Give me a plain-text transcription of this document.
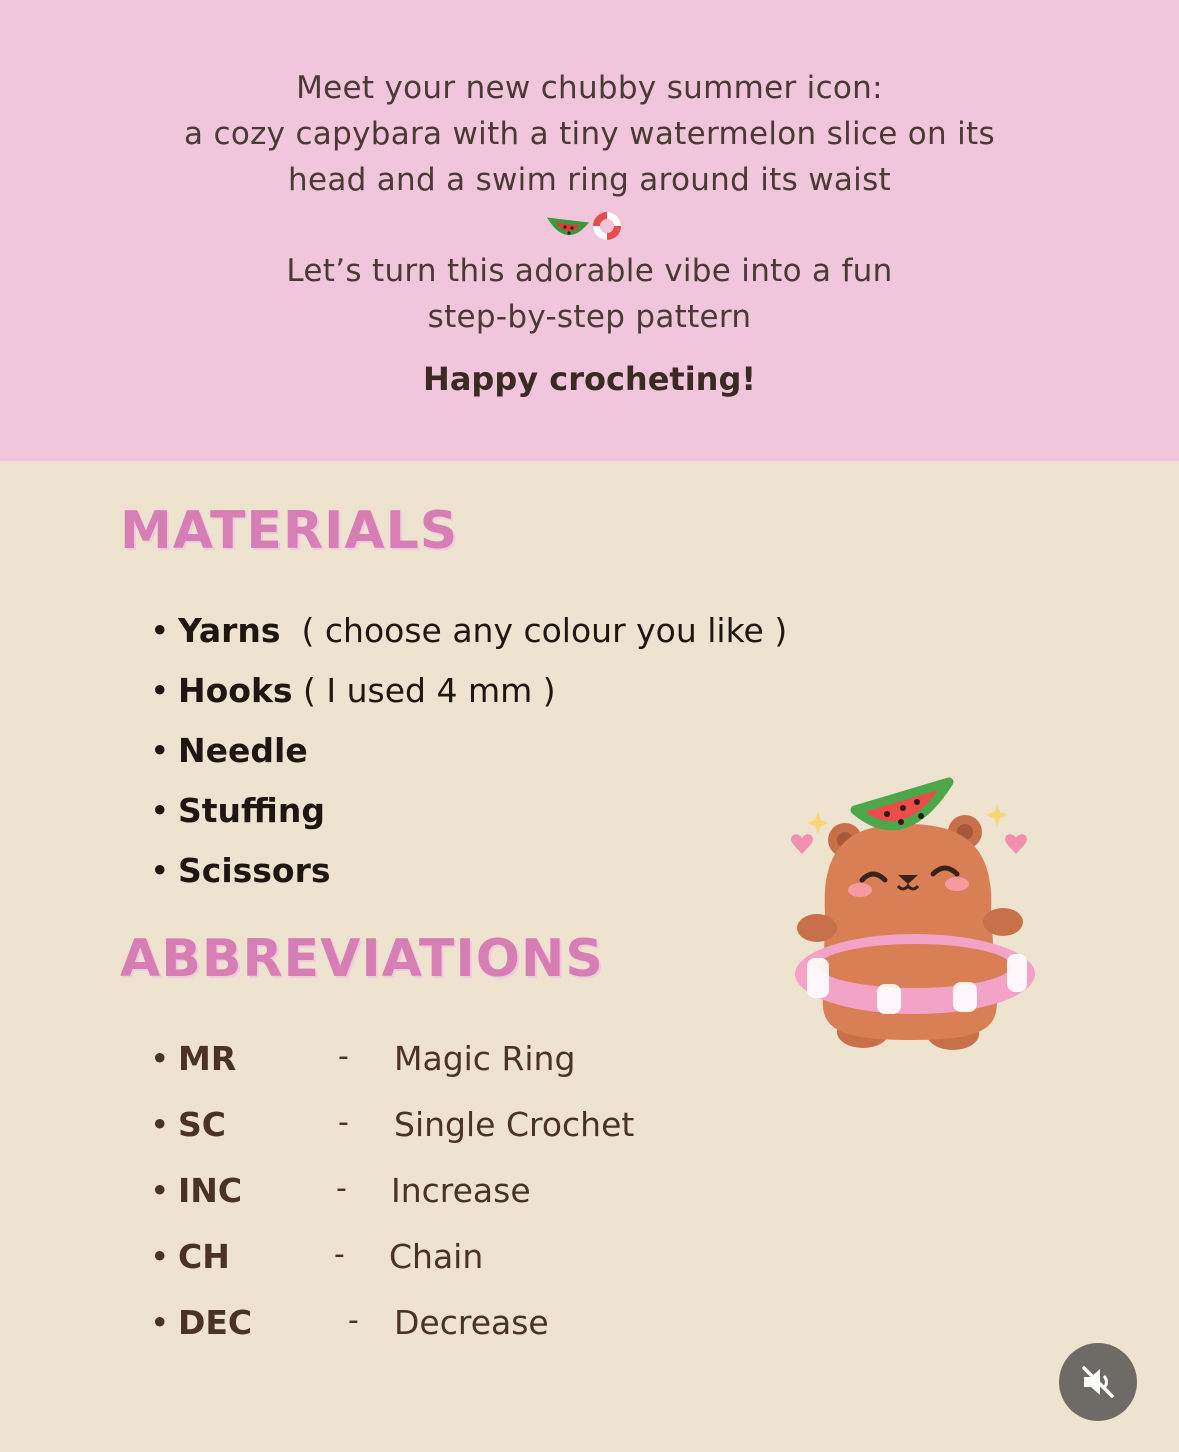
Meet your new chubby summer icon:
a cozy capybara with a tiny watermelon slice on its
head and a swim ring around its waist
Let’s turn this adorable vibe into a fun
step-by-step pattern
Happy crocheting!
MATERIALS
• Yarns  ( choose any colour you like )
• Hooks ( I used 4 mm )
• Needle
• Stuffing
• Scissors
ABBREVIATIONS
• MR	- Magic Ring
• SC	- Single Crochet
• INC	- Increase
• CH	- Chain
• DEC	- Decrease
